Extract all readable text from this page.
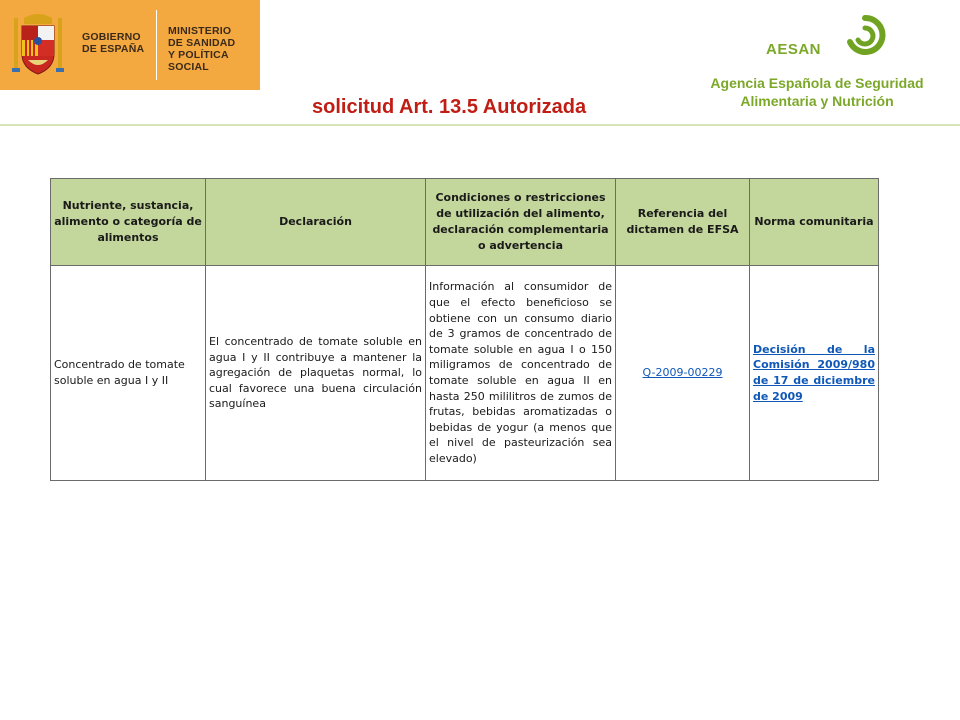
GOBIERNO
DE ESPAÑA
MINISTERIO
DE SANIDAD
Y POLÍTICA SOCIAL
AESAN
Agencia Española de Seguridad Alimentaria y Nutrición
solicitud Art. 13.5 Autorizada
Nutriente, sustancia, alimento o categoría de alimentos	Declaración	Condiciones o restricciones de utilización del alimento, declaración complementaria o advertencia	Referencia del dictamen de EFSA	Norma comunitaria
Concentrado de tomate soluble en agua I y II	El concentrado de tomate soluble en agua I y II contribuye a mantener la agregación de plaquetas normal, lo cual favorece una buena circulación sanguínea	Información al consumidor de que el efecto beneficioso se obtiene con un consumo diario de 3 gramos de concentrado de tomate soluble en agua I o 150 miligramos de concentrado de tomate soluble en agua II en hasta 250 mililitros de zumos de frutas, bebidas aromatizadas o bebidas de yogur (a menos que el nivel de pasteurización sea elevado)	Q-2009-00229	Decisión de la Comisión 2009/980 de 17 de diciembre de 2009
